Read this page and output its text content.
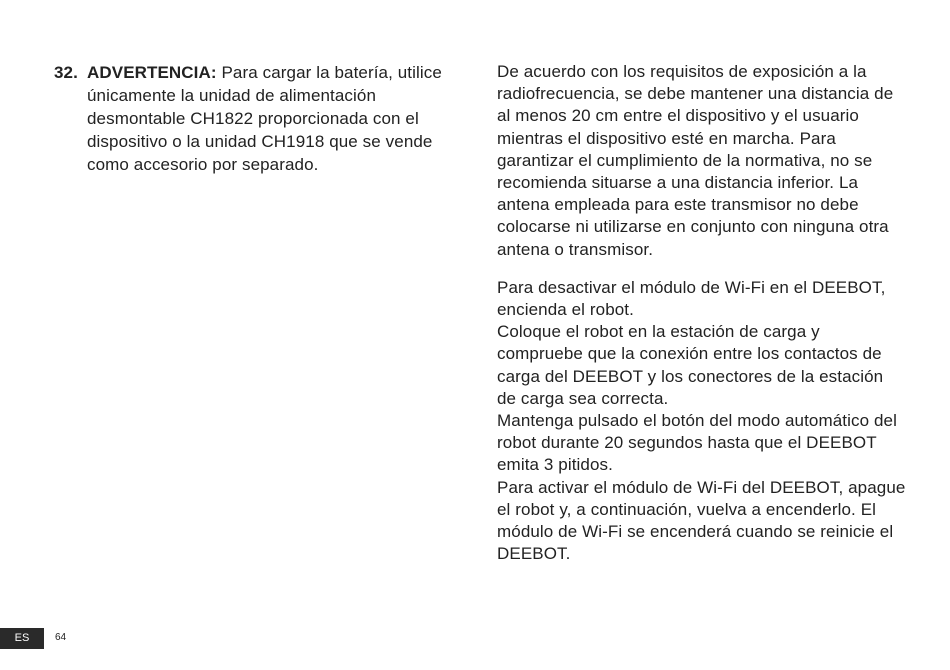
32. ADVERTENCIA: Para cargar la batería, utilice únicamente la unidad de alimentación desmontable CH1822 proporcionada con el dispositivo o la unidad CH1918 que se vende como accesorio por separado.

De acuerdo con los requisitos de exposición a la radiofrecuencia, se debe mantener una distancia de al menos 20 cm entre el dispositivo y el usuario mientras el dispositivo esté en marcha. Para garantizar el cumplimiento de la normativa, no se recomienda situarse a una distancia inferior. La antena empleada para este transmisor no debe colocarse ni utilizarse en conjunto con ninguna otra antena o transmisor.

Para desactivar el módulo de Wi-Fi en el DEEBOT, encienda el robot.

Coloque el robot en la estación de carga y compruebe que la conexión entre los contactos de carga del DEEBOT y los conectores de la estación de carga sea correcta.

Mantenga pulsado el botón del modo automático del robot durante 20 segundos hasta que el DEEBOT emita 3 pitidos.

Para activar el módulo de Wi-Fi del DEEBOT, apague el robot y, a continuación, vuelva a encenderlo. El módulo de Wi-Fi se encenderá cuando se reinicie el DEEBOT.

ES	64
